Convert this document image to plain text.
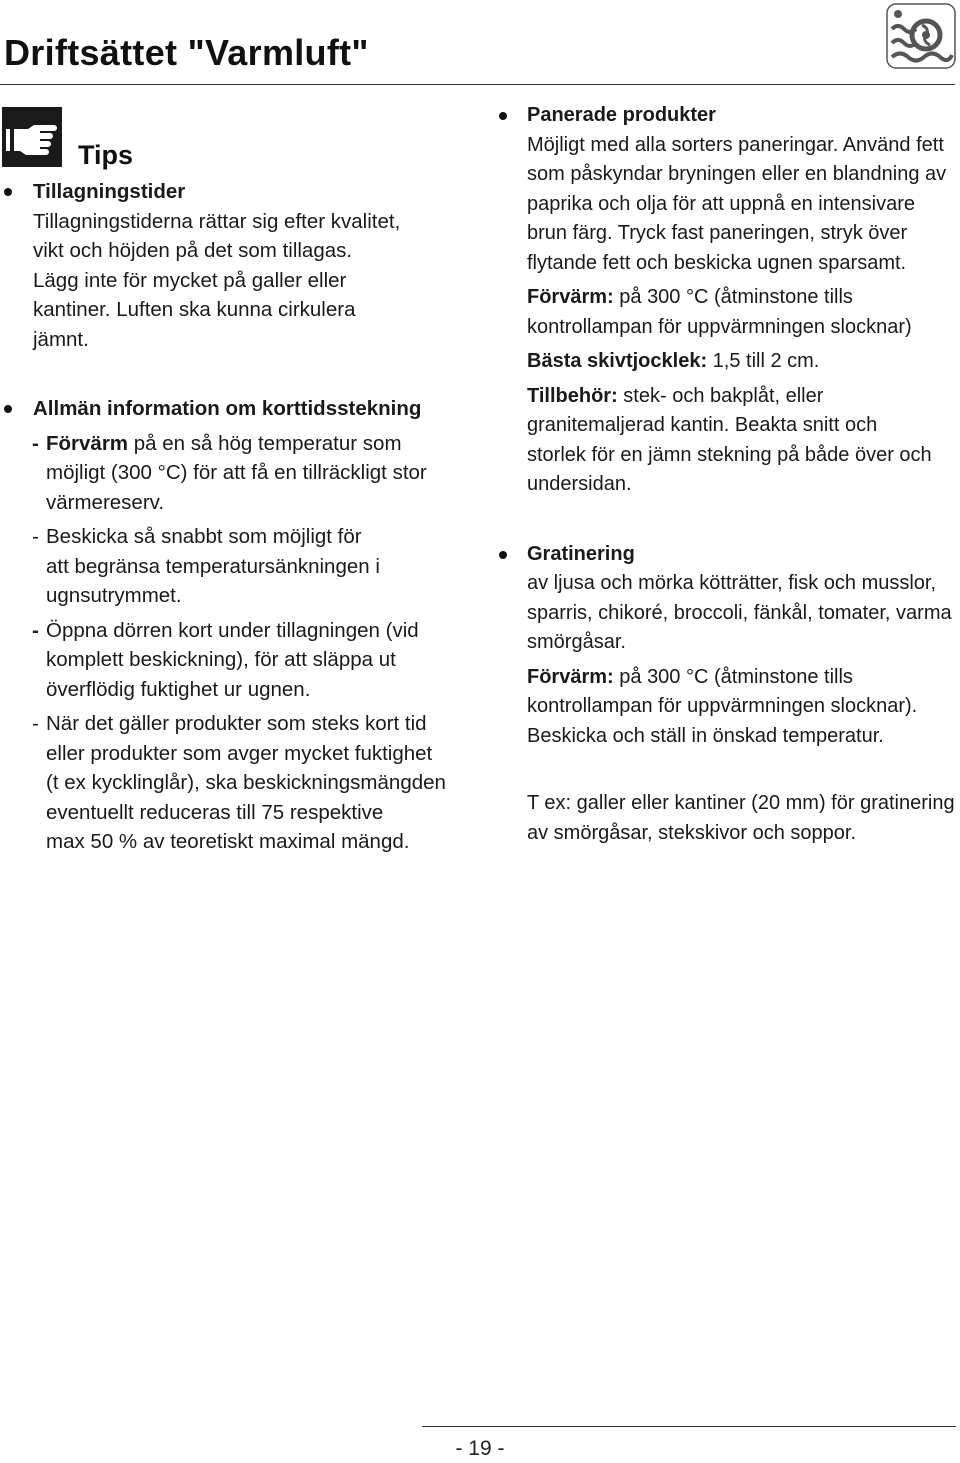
Driftsättet "Varmluft"
Tips
Tillagningstider
Tillagningstiderna rättar sig efter kvalitet,
vikt och höjden på det som tillagas.
Lägg inte för mycket på galler eller
kantiner. Luften ska kunna cirkulera
jämnt.
Allmän information om korttidsstekning
- Förvärm på en så hög temperatur som
möjligt (300 °C) för att få en tillräckligt stor
värmereserv.
- Beskicka så snabbt som möjligt för
att begränsa temperatursänkningen i
ugnsutrymmet.
- Öppna dörren kort under tillagningen (vid
komplett beskickning), för att släppa ut
överflödig fuktighet ur ugnen.
- När det gäller produkter som steks kort tid
eller produkter som avger mycket fuktighet
(t ex kycklinglår), ska beskickningsmängden
eventuellt reduceras till 75 respektive
max 50 % av teoretiskt maximal mängd.
Panerade produkter
Möjligt med alla sorters paneringar. Använd fett
som påskyndar bryningen eller en blandning av
paprika och olja för att uppnå en intensivare
brun färg. Tryck fast paneringen, stryk över
flytande fett och beskicka ugnen sparsamt.
Förvärm: på 300 °C (åtminstone tills
kontrollampan för uppvärmningen slocknar)
Bästa skivtjocklek: 1,5 till 2 cm.
Tillbehör: stek- och bakplåt, eller
granitemaljerad kantin. Beakta snitt och
storlek för en jämn stekning på både över och
undersidan.
Gratinering
av ljusa och mörka kötträtter, fisk och musslor,
sparris, chikoré, broccoli, fänkål, tomater, varma
smörgåsar.
Förvärm: på 300 °C (åtminstone tills
kontrollampan för uppvärmningen slocknar).
Beskicka och ställ in önskad temperatur.
T ex: galler eller kantiner (20 mm) för gratinering
av smörgåsar, stekskivor och soppor.
- 19 -
